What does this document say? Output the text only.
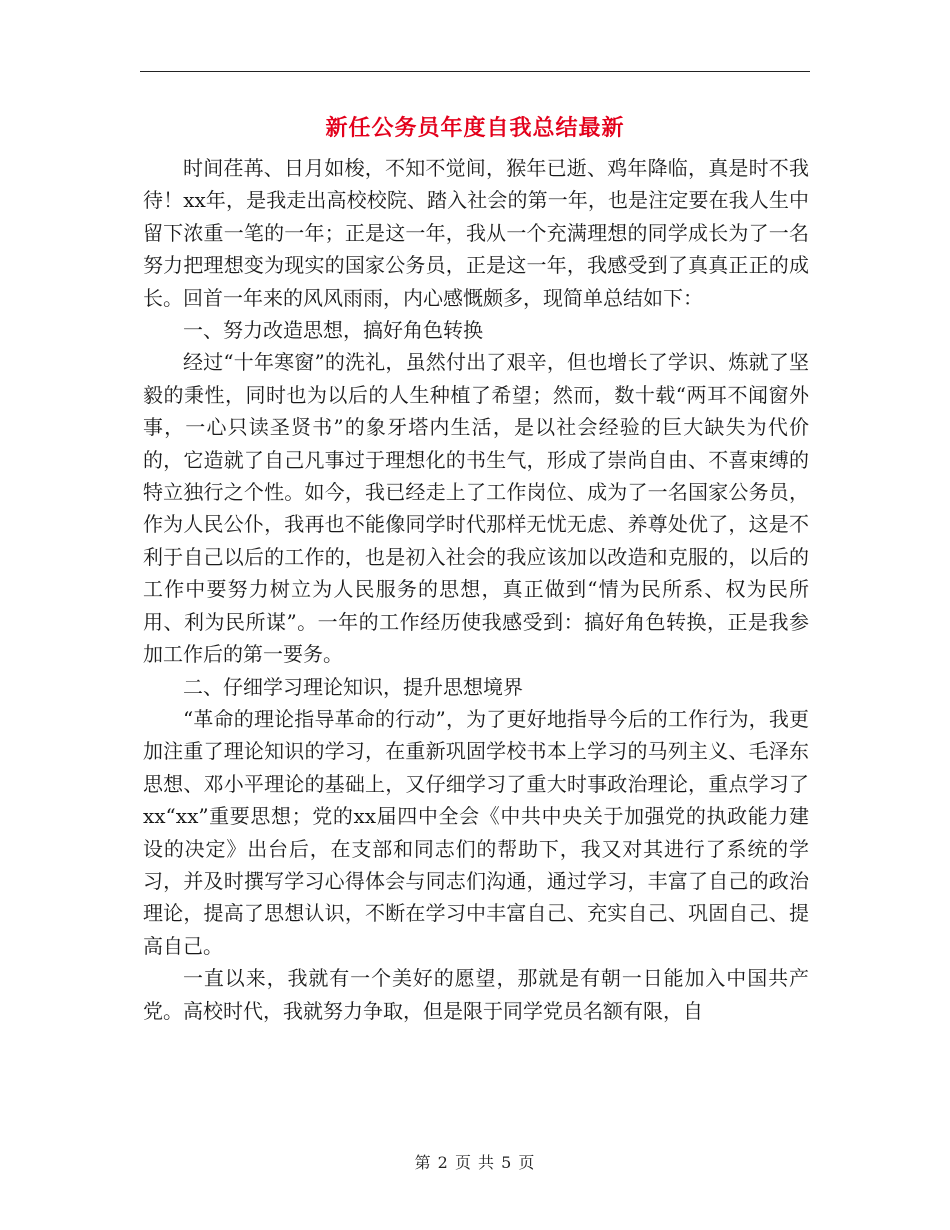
新任公务员年度自我总结最新

时间荏苒、日月如梭，不知不觉间，猴年已逝、鸡年降临，真是时不我待！xx年，是我走出高校校院、踏入社会的第一年，也是注定要在我人生中留下浓重一笔的一年；正是这一年，我从一个充满理想的同学成长为了一名努力把理想变为现实的国家公务员，正是这一年，我感受到了真真正正的成长。回首一年来的风风雨雨，内心感慨颇多，现简单总结如下：

一、努力改造思想，搞好角色转换

经过“十年寒窗”的洗礼，虽然付出了艰辛，但也增长了学识、炼就了坚毅的秉性，同时也为以后的人生种植了希望；然而，数十载“两耳不闻窗外事，一心只读圣贤书”的象牙塔内生活，是以社会经验的巨大缺失为代价的，它造就了自己凡事过于理想化的书生气，形成了崇尚自由、不喜束缚的特立独行之个性。如今，我已经走上了工作岗位、成为了一名国家公务员，作为人民公仆，我再也不能像同学时代那样无忧无虑、养尊处优了，这是不利于自己以后的工作的，也是初入社会的我应该加以改造和克服的，以后的工作中要努力树立为人民服务的思想，真正做到“情为民所系、权为民所用、利为民所谋”。一年的工作经历使我感受到：搞好角色转换，正是我参加工作后的第一要务。

二、仔细学习理论知识，提升思想境界

“革命的理论指导革命的行动”，为了更好地指导今后的工作行为，我更加注重了理论知识的学习，在重新巩固学校书本上学习的马列主义、毛泽东思想、邓小平理论的基础上，又仔细学习了重大时事政治理论，重点学习了xx“xx”重要思想；党的xx届四中全会《中共中央关于加强党的执政能力建设的决定》出台后，在支部和同志们的帮助下，我又对其进行了系统的学习，并及时撰写学习心得体会与同志们沟通，通过学习，丰富了自己的政治理论，提高了思想认识，不断在学习中丰富自己、充实自己、巩固自己、提高自己。

一直以来，我就有一个美好的愿望，那就是有朝一日能加入中国共产党。高校时代，我就努力争取，但是限于同学党员名额有限，自

第 2 页 共 5 页
